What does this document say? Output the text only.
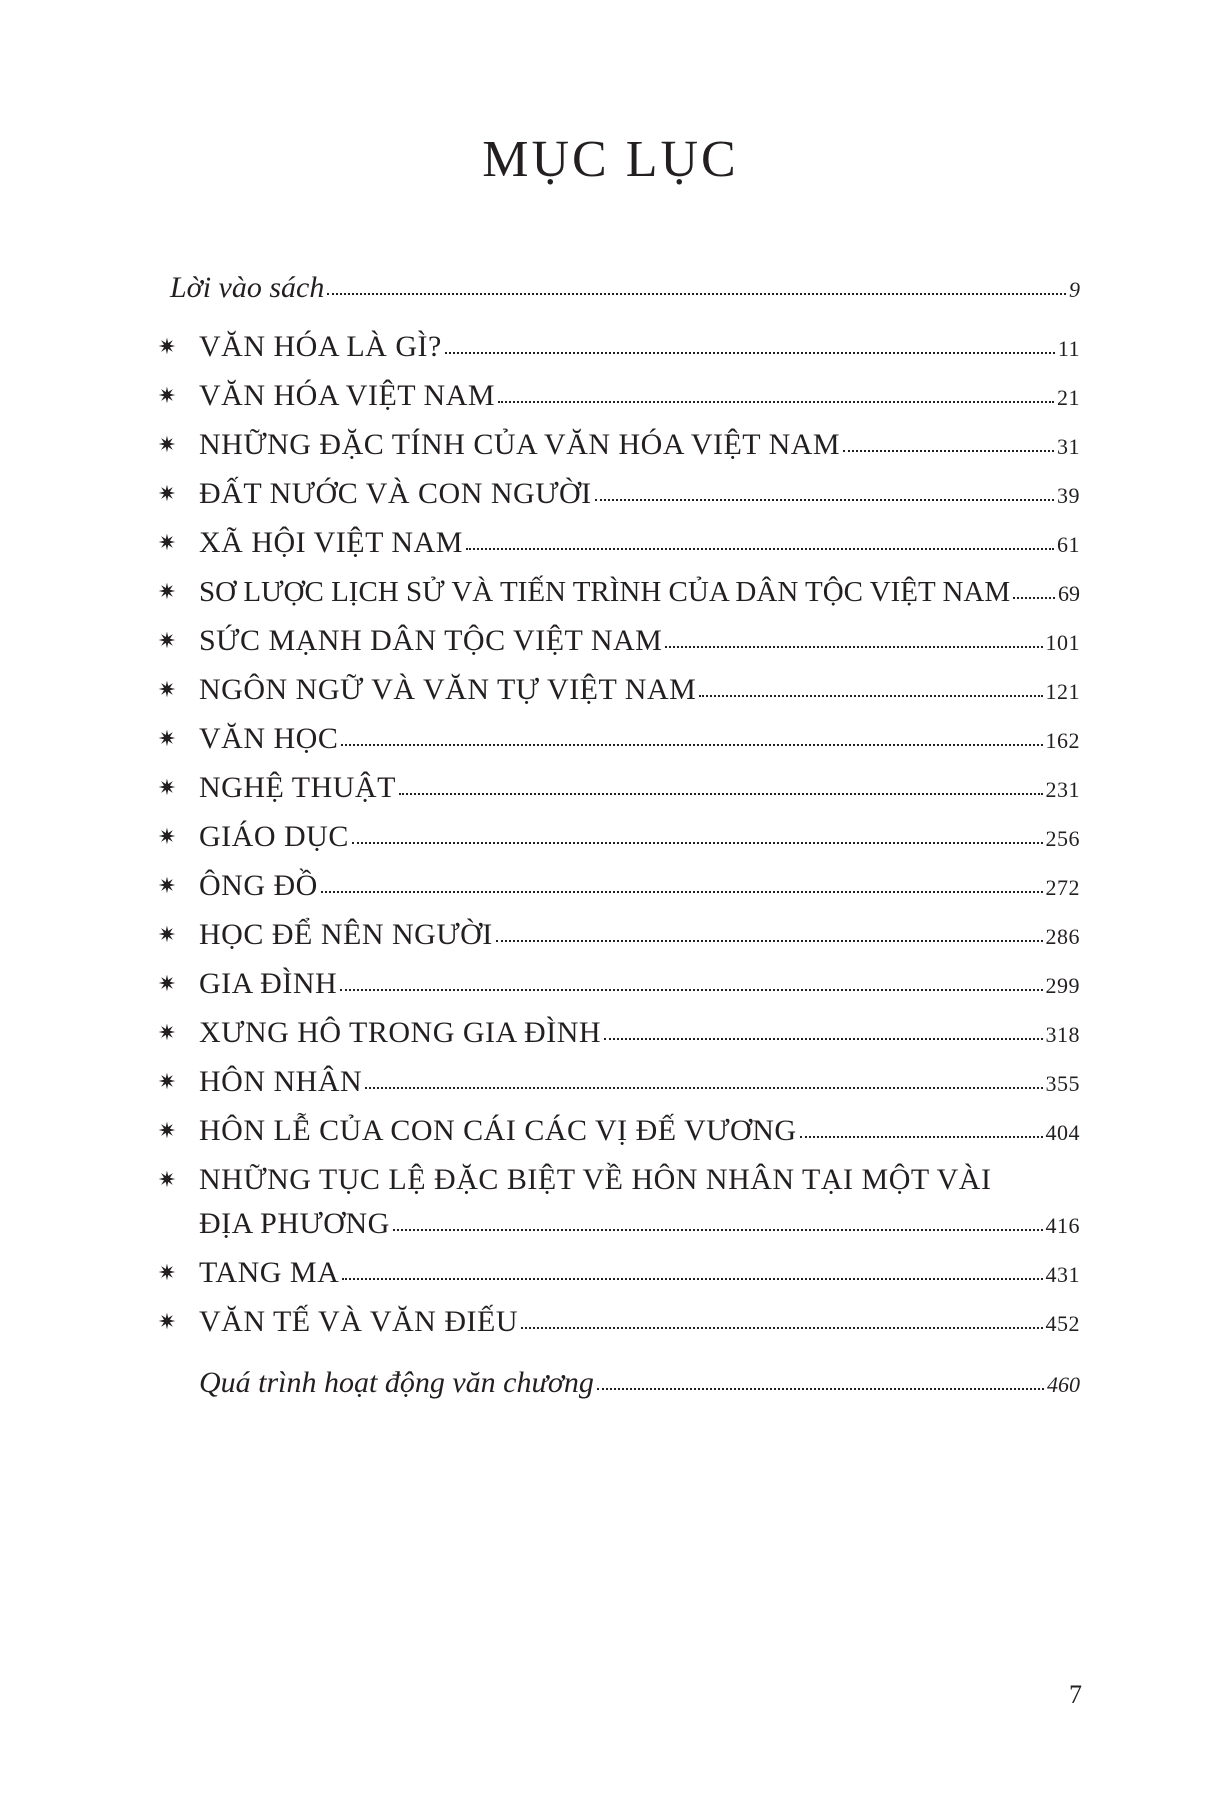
MỤC LỤC
Lời vào sách	9
✷ VĂN HÓA LÀ GÌ?	11
✷ VĂN HÓA VIỆT NAM	21
✷ NHỮNG ĐẶC TÍNH CỦA VĂN HÓA VIỆT NAM	31
✷ ĐẤT NƯỚC VÀ CON NGƯỜI	39
✷ XÃ HỘI VIỆT NAM	61
✷ SƠ LƯỢC LỊCH SỬ VÀ TIẾN TRÌNH CỦA DÂN TỘC VIỆT NAM 69
✷ SỨC MẠNH DÂN TỘC VIỆT NAM	101
✷ NGÔN NGỮ VÀ VĂN TỰ VIỆT NAM	121
✷ VĂN HỌC	162
✷ NGHỆ THUẬT	231
✷ GIÁO DỤC	256
✷ ÔNG ĐỒ	272
✷ HỌC ĐỂ NÊN NGƯỜI	286
✷ GIA ĐÌNH	299
✷ XƯNG HÔ TRONG GIA ĐÌNH	318
✷ HÔN NHÂN	355
✷ HÔN LỄ CỦA CON CÁI CÁC VỊ ĐẾ VƯƠNG	404
✷ NHỮNG TỤC LỆ ĐẶC BIỆT VỀ HÔN NHÂN TẠI MỘT VÀI
ĐỊA PHƯƠNG	416
✷ TANG MA	431
✷ VĂN TẾ VÀ VĂN ĐIẾU	452
Quá trình hoạt động văn chương	460
7
